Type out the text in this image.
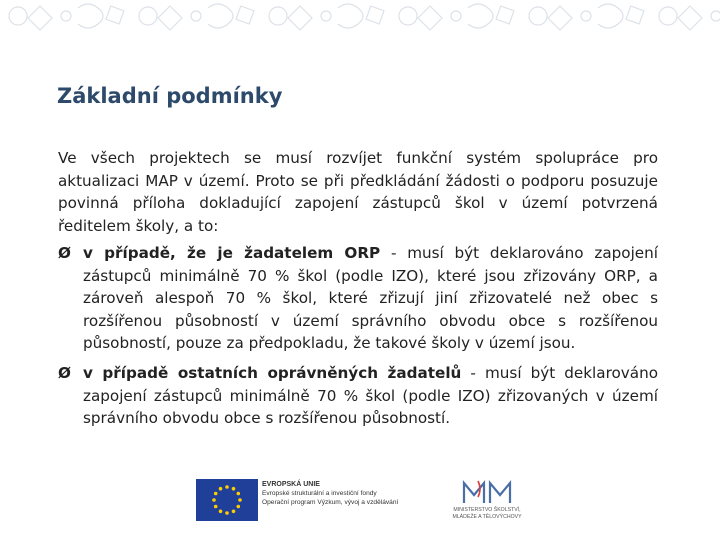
Základní podmínky

Ve všech projektech se musí rozvíjet funkční systém spolupráce pro aktualizaci MAP v území. Proto se při předkládání žádosti o podporu posuzuje povinná příloha dokladující zapojení zástupců škol v území potvrzená ředitelem školy, a to:

Ø v případě, že je žadatelem ORP - musí být deklarováno zapojení zástupců minimálně 70 % škol (podle IZO), které jsou zřizovány ORP, a zároveň alespoň 70 % škol, které zřizují jiní zřizovatelé než obec s rozšířenou působností v území správního obvodu obce s rozšířenou působností, pouze za předpokladu, že takové školy v území jsou.
Ø v případě ostatních oprávněných žadatelů - musí být deklarováno zapojení zástupců minimálně 70 % škol (podle IZO) zřizovaných v území správního obvodu obce s rozšířenou působností.
EVROPSKÁ UNIE
Evropské strukturální a investiční fondy
Operační program Výzkum, vývoj a vzdělávání
MINISTERSTVO ŠKOLSTVÍ,
MLÁDEŽE A TĚLOVÝCHOVY
